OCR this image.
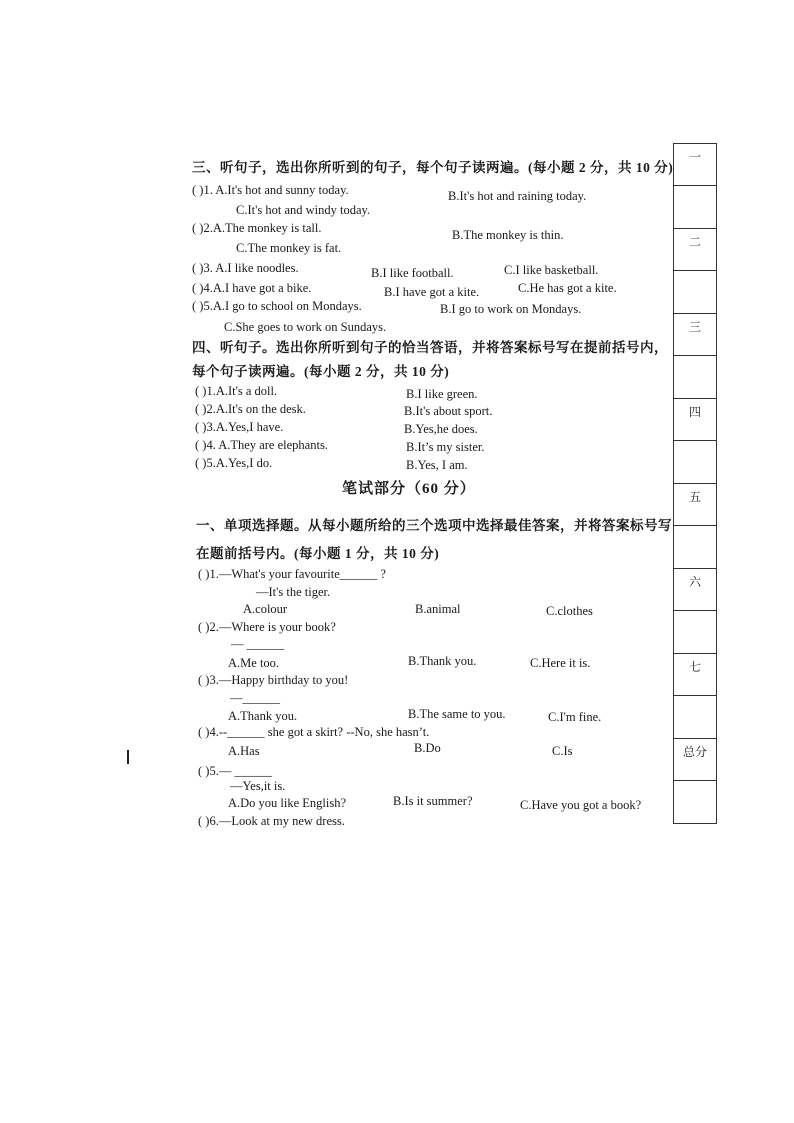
三、听句子，选出你所听到的句子，每个句子读两遍。(每小题 2 分，共 10 分)
( )1. A.It's hot and sunny today.	B.It's hot and raining today.
C.It's hot and windy today.
( )2.A.The monkey is tall.	B.The monkey is thin.
C.The monkey is fat.
( )3. A.I like noodles.	B.I like football.	C.I like basketball.
( )4.A.I have got a bike.	B.I have got a kite.	C.He has got a kite.
( )5.A.I go to school on Mondays.	B.I go to work on Mondays.
C.She goes to work on Sundays.
四、听句子。选出你所听到句子的恰当答语，并将答案标号写在提前括号内，
每个句子读两遍。(每小题 2 分，共 10 分)
( )1.A.It's a doll.	B.I like green.
( )2.A.It's on the desk.	B.It's about sport.
( )3.A.Yes,I have.	B.Yes,he does.
( )4. A.They are elephants.	B.It’s my sister.
( )5.A.Yes,I do.	B.Yes, I am.
笔试部分（60 分）
一、单项选择题。从每小题所给的三个选项中选择最佳答案，并将答案标号写
在题前括号内。(每小题 1 分，共 10 分)
( )1.—What's your favourite______ ?
—It's the tiger.
A.colour	B.animal	C.clothes
( )2.—Where is your book?
— ______
A.Me too.	B.Thank you.	C.Here it is.
( )3.—Happy birthday to you!
—______
A.Thank you.	B.The same to you.	C.I'm fine.
( )4.--______ she got a skirt? --No, she hasn’t.
A.Has	B.Do	C.Is
( )5.— ______
—Yes,it is.
A.Do you like English?	B.Is it summer?	C.Have you got a book?
( )6.—Look at my new dress.
一

二

三

四

五

六

七

总分
